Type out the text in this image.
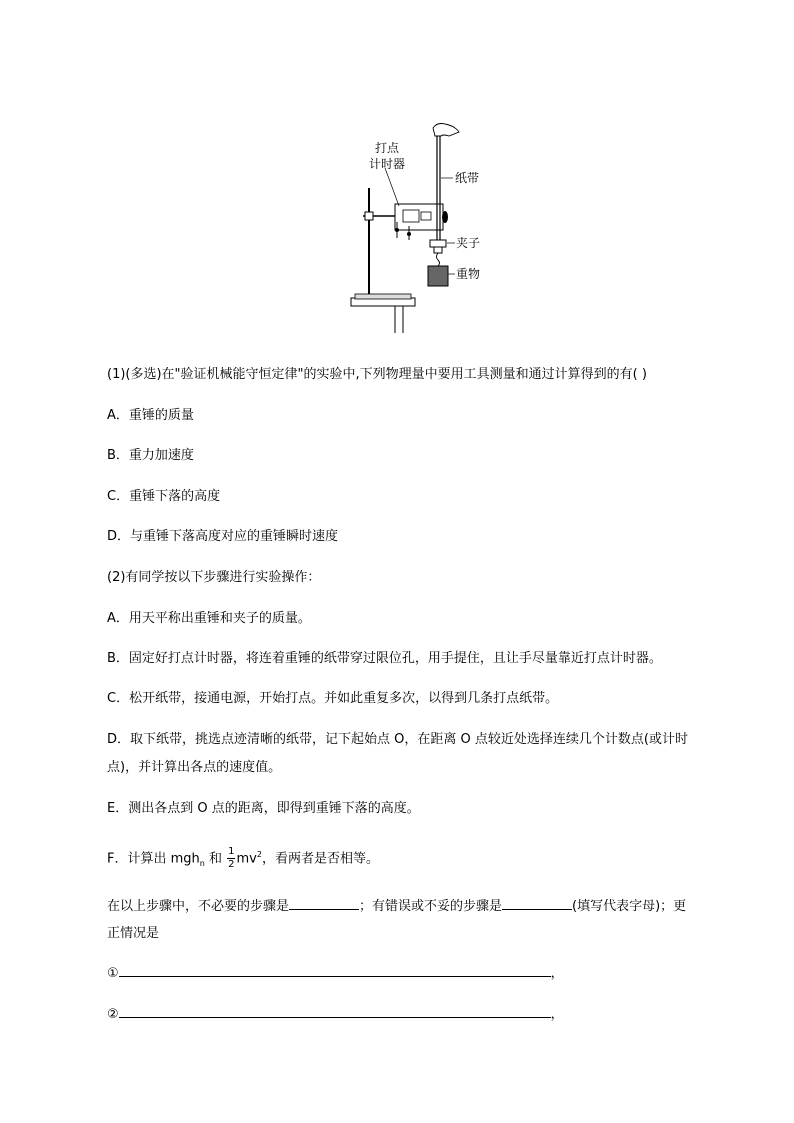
打点
计时器
纸带
夹子
重物
(1)(多选)在"验证机械能守恒定律"的实验中,下列物理量中要用工具测量和通过计算得到的有( )
A．重锤的质量
B．重力加速度
C．重锤下落的高度
D．与重锤下落高度对应的重锤瞬时速度
(2)有同学按以下步骤进行实验操作：
A．用天平称出重锤和夹子的质量。
B．固定好打点计时器，将连着重锤的纸带穿过限位孔，用手提住，且让手尽量靠近打点计时器。
C．松开纸带，接通电源，开始打点。并如此重复多次，以得到几条打点纸带。
D．取下纸带，挑选点迹清晰的纸带，记下起始点 O，在距离 O 点较近处选择连续几个计数点(或计时
点)，并计算出各点的速度值。
E．测出各点到 O 点的距离，即得到重锤下落的高度。
F．计算出 mgh$_n$ 和 $\frac{1}{2} mv^2$，看两者是否相等。
在以上步骤中，不必要的步骤是	；有错误或不妥的步骤是	(填写代表字母)；更
正情况是
①	，
②	，
